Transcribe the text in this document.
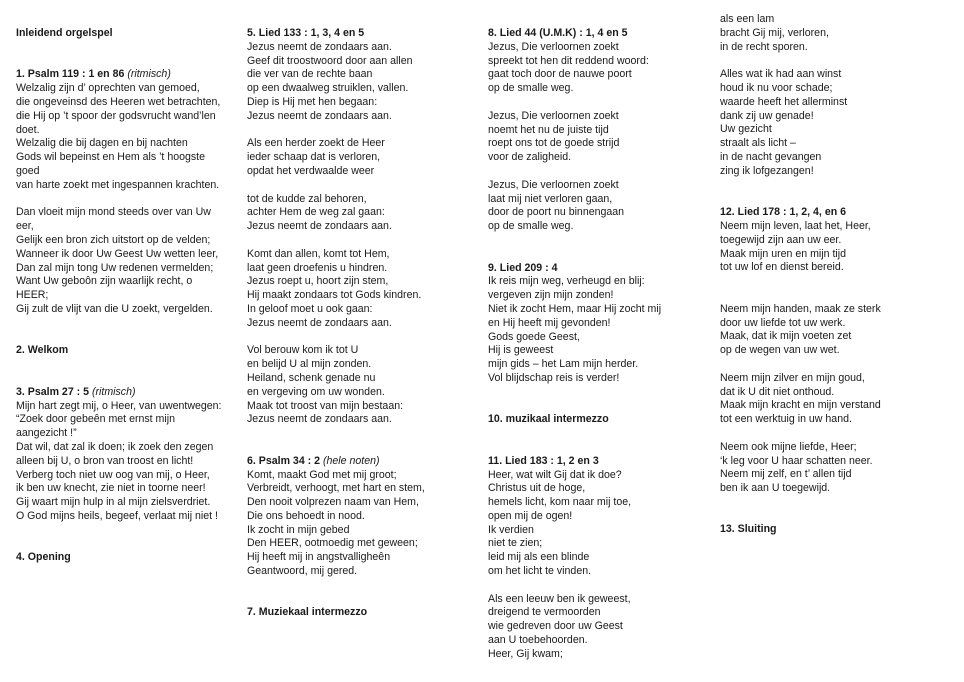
Inleidend orgelspel
1. Psalm 119 : 1 en 86 (ritmisch)
Welzalig zijn d’ oprechten van gemoed,
die ongeveinsd des Heeren wet betrachten,
die Hij op ’t spoor der godsvrucht wand’len
doet.
Welzalig die bij dagen en bij nachten
Gods wil bepeinst en Hem als ’t hoogste
goed
van harte zoekt met ingespannen krachten.
Dan vloeit mijn mond steeds over van Uw
eer,
Gelijk een bron zich uitstort op de velden;
Wanneer ik door Uw Geest Uw wetten leer,
Dan zal mijn tong Uw redenen vermelden;
Want Uw geboôn zijn waarlijk recht, o
HEER;
Gij zult de vlijt van die U zoekt, vergelden.
2. Welkom
3. Psalm 27 : 5 (ritmisch)
Mijn hart zegt mij, o Heer, van uwentwegen:
“Zoek door gebeên met ernst mijn
aangezicht !”
Dat wil, dat zal ik doen; ik zoek den zegen
alleen bij U, o bron van troost en licht!
Verberg toch niet uw oog van mij, o Heer,
ik ben uw knecht, zie niet in toorne neer!
Gij waart mijn hulp in al mijn zielsverdriet.
O God mijns heils, begeef, verlaat mij niet !
4. Opening
5. Lied 133 : 1, 3, 4 en 5
Jezus neemt de zondaars aan.
Geef dit troostwoord door aan allen
die ver van de rechte baan
op een dwaalweg struiklen, vallen.
Diep is Hij met hen begaan:
Jezus neemt de zondaars aan.
Als een herder zoekt de Heer
ieder schaap dat is verloren,
opdat het verdwaalde weer
tot de kudde zal behoren,
achter Hem de weg zal gaan:
Jezus neemt de zondaars aan.
Komt dan allen, komt tot Hem,
laat geen droefenis u hindren.
Jezus roept u, hoort zijn stem,
Hij maakt zondaars tot Gods kindren.
In geloof moet u ook gaan:
Jezus neemt de zondaars aan.
Vol berouw kom ik tot U
en belijd U al mijn zonden.
Heiland, schenk genade nu
en vergeving om uw wonden.
Maak tot troost van mijn bestaan:
Jezus neemt de zondaars aan.
6. Psalm 34 : 2 (hele noten)
Komt, maakt God met mij groot;
Verbreidt, verhoogt, met hart en stem,
Den nooit volprezen naam van Hem,
Die ons behoedt in nood.
Ik zocht in mijn gebed
Den HEER, ootmoedig met geween;
Hij heeft mij in angstvalligheên
Geantwoord, mij gered.
7. Muziekaal intermezzo
8. Lied 44 (U.M.K) : 1, 4 en 5
Jezus, Die verloornen zoekt
spreekt tot hen dit reddend woord:
gaat toch door de nauwe poort
op de smalle weg.
Jezus, Die verloornen zoekt
noemt het nu de juiste tijd
roept ons tot de goede strijd
voor de zaligheid.
Jezus, Die verloornen zoekt
laat mij niet verloren gaan,
door de poort nu binnengaan
op de smalle weg.
9. Lied 209 : 4
Ik reis mijn weg, verheugd en blij:
vergeven zijn mijn zonden!
Niet ik zocht Hem, maar Hij zocht mij
en Hij heeft mij gevonden!
Gods goede Geest,
Hij is geweest
mijn gids – het Lam mijn herder.
Vol blijdschap reis is verder!
10. muzikaal intermezzo
11. Lied 183 : 1, 2 en 3
Heer, wat wilt Gij dat ik doe?
Christus uit de hoge,
hemels licht, kom naar mij toe,
open mij de ogen!
Ik verdien
niet te zien;
leid mij als een blinde
om het licht te vinden.
Als een leeuw ben ik geweest,
dreigend te vermoorden
wie gedreven door uw Geest
aan U toebehoorden.
Heer, Gij kwam;
als een lam
bracht Gij mij, verloren,
in de recht sporen.
Alles wat ik had aan winst
houd ik nu voor schade;
waarde heeft het allerminst
dank zij uw genade!
Uw gezicht
straalt als licht –
in de nacht gevangen
zing ik lofgezangen!
12. Lied 178 : 1, 2, 4, en 6
Neem mijn leven, laat het, Heer,
toegewijd zijn aan uw eer.
Maak mijn uren en mijn tijd
tot uw lof en dienst bereid.
Neem mijn handen, maak ze sterk
door uw liefde tot uw werk.
Maak, dat ik mijn voeten zet
op de wegen van uw wet.
Neem mijn zilver en mijn goud,
dat ik U dit niet onthoud.
Maak mijn kracht en mijn verstand
tot een werktuig in uw hand.
Neem ook mijne liefde, Heer;
‘k leg voor U haar schatten neer.
Neem mij zelf, en t’ allen tijd
ben ik aan U toegewijd.
13. Sluiting
